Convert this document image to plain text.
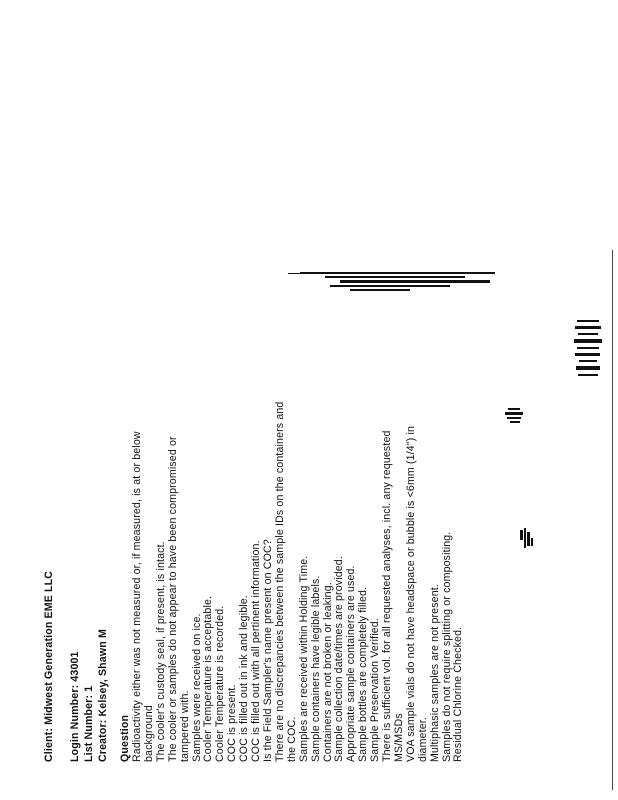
Client: Midwest Generation EME LLC Login Number: 43001 List Number: 1 Creator: Kelsey, Shawn M Question Radioactivity either was not measured or, if measured, is at or below background The cooler's custody seal, if present, is intact. The cooler or samples do not appear to have been compromised or tampered with. Samples were received on ice. Cooler Temperature is acceptable. Cooler Temperature is recorded. COC is present. COC is filled out in ink and legible. COC is filled out with all pertinent information. Is the Field Sampler's name present on COC? There are no discrepancies between the sample IDs on the containers and the COC. Samples are received within Holding Time. Sample containers have legible labels. Containers are not broken or leaking. Sample collection date/times are provided. Appropriate sample containers are used. Sample bottles are completely filled. Sample Preservation Verified. There is sufficient vol. for all requested analyses, incl. any requested MS/MSDs VOA sample vials do not have headspace or bubble is <6mm (1/4") in diameter. Multiphasic samples are not present. Samples do not require splitting or compositing. Residual Chlorine Checked.
